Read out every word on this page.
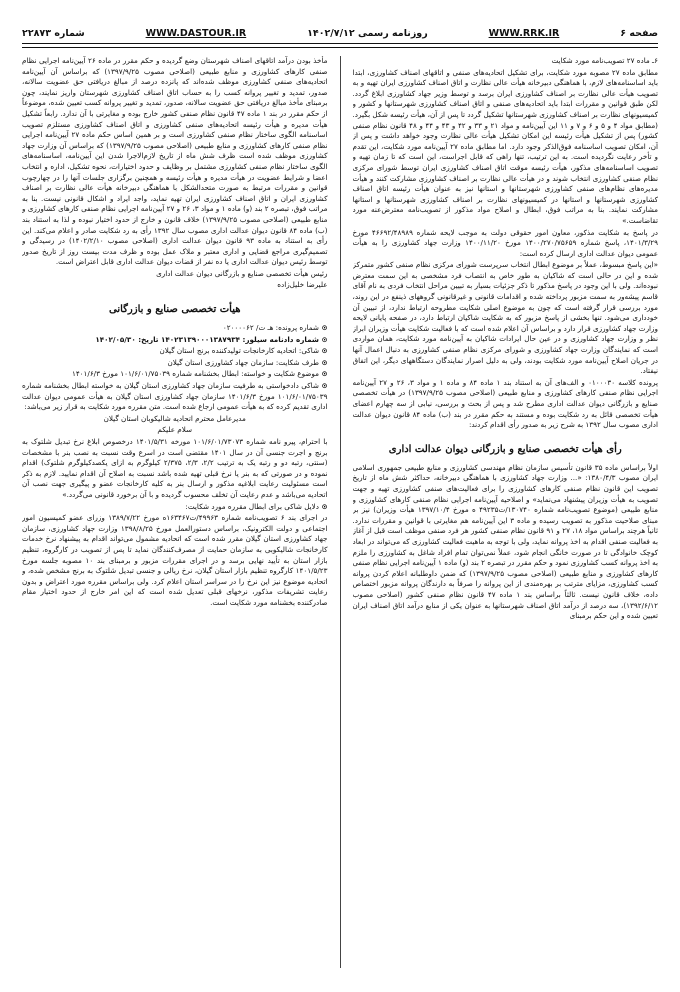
صفحه ۶
WWW.RRK.IR
روزنامه رسمی ۱۴۰۲/۷/۱۲
WWW.DASTOUR.IR
شماره ۲۲۸۷۳

۶ـ ماده ۲۷ تصویب‌نامه مورد شکایت

مطابق ماده ۲۷ مصوبه مورد شکایت، برای تشکیل اتحادیه‌های صنفی و اتاقهای اصناف کشاورزی، ابتدا باید اساسنامه‌های لازم، با هماهنگی دبیرخانه هیأت عالی نظارت و اتاق اصناف کشاورزی ایران تهیه و به تصویب هیأت عالی نظارت بر اصناف کشاورزی ایران برسد و توسط وزیر جهاد کشاورزی ابلاغ گردد. لکن طبق قوانین و مقررات ابتدا باید اتحادیه‌های صنفی و اتاق اصناف کشاورزی شهرستانها و کشور و کمیسیونهای نظارت بر اصناف کشاورزی شهرستانها تشکیل گردد تا پس از آن، هیأت رئیسه شکل بگیرد. (مطابق مواد ۴ و ۵ و ۶ و ۷ و ۱۱ این آیین‌نامه و مواد ۲۱ و ۳۳ و ۴۲ و ۴۳ و ۴۴ و ۴۸ قانون نظام صنفی کشور) پس از تشکیل هیأت رئیسه این امکان تشکیل هیأت عالی نظارت وجود خواهد داشت و پس از آن، امکان تصویب اساسنامه فوق‌الذکر وجود دارد. اما مطابق ماده ۲۷ آیین‌نامه مورد شکایت، این تقدم و تأخر رعایت نگردیده است. به این ترتیب، تنها راهی که قابل اجراست، این است که تا زمان تهیه و تصویب اساسنامه‌های مذکور، هیأت رئیسه موقت اتاق اصناف کشاورزی ایران توسط شورای مرکزی نظام صنفی کشاورزی انتخاب شوند و در هیأت عالی نظارت بر اصناف کشاورزی مشارکت کنند و هیأت مدیره‌های نظام‌های صنفی کشاورزی شهرستانها و استانها نیز به عنوان هیأت رئیسه اتاق اصناف کشاورزی شهرستانها و استانها در کمیسیونهای نظارت بر اصناف کشاورزی شهرستانها و استانها مشارکت نمایند. بنا به مراتب فوق، ابطال و اصلاح مواد مذکور از تصویب‌نامه معترض‌عنه مورد تقاضاست.»

در پاسخ به شکایت مذکور، معاون امور حقوقی دولت به موجب لایحه شماره ۴۶۶۹۲/۴۸۹۸۹ مورخ ۱۴۰۱/۳/۲۹، پاسخ شماره ۱۴۰۰/۲۷۰/۷۵۶۵۹ مورخ ۱۴۰۰/۱۱/۲۰ وزارت جهاد کشاورزی را به هیأت عمومی دیوان عدالت اداری ارسال کرده است:

«این پاسخ مبسوط، عملاً بر موضوع ابطال انتخاب سرپرست شورای مرکزی نظام صنفی کشور متمرکز شده و این در حالی است که شاکیان به طور خاص به انتصاب فرد مشخصی به این سمت معترض نبوده‌اند. ولی با این وجود در پاسخ مذکور تا ذکر جزئیات بسیار به تبیین مراحل انتخاب فردی به نام آقای قاسم پیشه‌ور به سمت مزبور پرداخته شده و اقدامات قانونی و غیرقانونی گروههای ذینفع در این روند، مورد بررسی قرار گرفته است که چون به موضوع اصلی شکایت مطروحه ارتباط ندارد، از تبیین آن خودداری می‌شود. تنها بخشی از پاسخ مزبور که به شکایت شاکیان ارتباط دارد، در صفحه پایانی لایحه وزارت جهاد کشاورزی قرار دارد و براساس آن اعلام شده است که با فعالیت شکایت هیأت وزیران ابراز نظر و وزارت جهاد کشاورزی و در عین حال ایرادات شاکیان به آیین‌نامه مورد شکایت، همان مواردی است که نمایندگان وزارت جهاد کشاورزی و شورای مرکزی نظام صنفی کشاورزی به دنبال اعمال آنها در جریان اصلاح آیین‌نامه مورد شکایت بودند، ولی به دلیل اصرار نمایندگان دستگاههای دیگر، این اتفاق نیفتاد.

پرونده کلاسه ۰۱۰۰۰۳۰ و الف‌های آن به استناد بند ۱ ماده ۸۴ و ماده ۱ و مواد ۳، ۲۶ و ۲۷ آیین‌نامه اجرایی نظام صنفی کارهای کشاورزی و منابع طبیعی (اصلاحی مصوب ۱۳۹۷/۹/۲۵) در هیأت تخصصی صنایع و بازرگانی دیوان عدالت اداری مطرح شد و پس از بحث و بررسی، نیابی از سه چهارم اعضای هیأت تخصصی قائل به رد شکایت بوده و مستند به حکم مقرر در بند (ب) ماده ۸۴ قانون دیوان عدالت اداری مصوب سال ۱۳۹۲ به شرح زیر به صدور رأی اقدام کردند:

رأی هیأت تخصصی صنایع و بازرگانی دیوان عدالت اداری

اولاً براساس ماده ۳۵ قانون تأسیس سازمان نظام مهندسی کشاورزی و منابع طبیعی جمهوری اسلامی ایران مصوب ۱۳۸۰/۴/۳: «... وزارت جهاد کشاورزی با هماهنگی دبیرخانه، حداکثر شش ماه از تاریخ تصویب این قانون نظام صنفی کارهای کشاورزی را برای فعالیت‌های صنفی کشاورزی تهیه و جهت تصویب به هیأت وزیران پیشنهاد می‌نماید» و اصلاحیه آیین‌نامه اجرایی نظام صنفی کارهای کشاورزی و منابع طبیعی (موضوع تصویب‌نامه شماره ۱۳۰۷۴۰/ت۴۹۲۳۵ ه مورخ ۱۳۹۷/۱۰/۴ هیأت وزیران) نیز بر مبنای صلاحیت مذکور به تصویب رسیده و ماده ۳ این آیین‌نامه هم مغایرتی با قوانین و مقررات ندارد. ثانیاً هرچند براساس مواد ۱۸، ۲۷ و ۹۱ قانون نظام صنفی کشور هر فرد صنفی موظف است قبل از آغاز به فعالیت صنفی اقدام به اخذ پروانه نماید، ولی با توجه به ماهیت فعالیت کشاورزی که می‌تواند در ابعاد کوچک خانوادگی تا در صورت خانگی انجام شود، عملاً نمی‌توان تمام افراد شاغل به کشاورزی را ملزم به اخذ پروانه کسب کشاورزی نمود و حکم مقرر در تبصره ۲ بند (و) ماده ۱ آیین‌نامه اجرایی نظام صنفی کارهای کشاورزی و منابع طبیعی (اصلاحی مصوب ۱۳۹۷/۹/۲۵) که ضمن داوطلبانه اعلام کردن پروانه کسب کشاورزی، مزایای مترتب بر بهره‌مندی از این پروانه را صرفاً به دارندگان پروانه مزبور اختصاص داده، خلاف قانون نیست. ثالثاً براساس بند ۱ ماده ۴۷ قانون نظام صنفی کشور (اصلاحی مصوب ۱۳۹۲/۶/۱۲)، سه درصد از درآمد اتاق اصناف شهرستانها به عنوان یکی از منابع درآمد اتاق اصناف ایران تعیین شده و این حکم برمبنای

مأخذ بودن درآمد اتاقهای اصناف شهرستان وضع گردیده و حکم مقرر در ماده ۲۶ آیین‌نامه اجرایی نظام صنفی کارهای کشاورزی و منابع طبیعی (اصلاحی مصوب ۱۳۹۷/۹/۲۵) که براساس آن آیین‌نامه اتحادیه‌های صنفی کشاورزی موظف شده‌اند که پانزده درصد از مبالغ دریافتی حق عضویت سالانه، صدور، تمدید و تغییر پروانه کسب را به حساب اتاق اصناف کشاورزی شهرستان واریز نمایند، چون برمبنای مأخذ مبالغ دریافتی حق عضویت سالانه، صدور، تمدید و تغییر پروانه کسب تعیین شده، موضوعاً از حکم مقرر در بند ۱ ماده ۴۷ قانون نظام صنفی کشور خارج بوده و مغایرتی با آن ندارد. رابعاً تشکیل هیأت مدیره و هیأت رئیسه اتحادیه‌های صنفی کشاورزی و اتاق اصناف کشاورزی مستلزم تصویب اساسنامه الگوی ساختار نظام صنفی کشاورزی است و بر همین اساس حکم ماده ۲۷ آیین‌نامه اجرایی نظام صنفی کارهای کشاورزی و منابع طبیعی (اصلاحی مصوب ۱۳۹۷/۹/۲۵) که براساس آن وزارت جهاد کشاورزی موظف شده است ظرف شش ماه از تاریخ لازم‌الاجرا شدن این آیین‌نامه، اساسنامه‌های الگوی ساختار نظام صنفی کشاورزی مشتمل بر وظایف و حدود اختیارات، نحوه تشکیل، اداره و انتخاب اعضا و شرایط عضویت در هیأت مدیره و هیأت رئیسه و همچنین برگزاری جلسات آنها را در چهارچوب قوانین و مقررات مرتبط به صورت متحدالشکل با هماهنگی دبیرخانه هیأت عالی نظارت بر اصناف کشاورزی ایران و اتاق اصناف کشاورزی ایران تهیه نماید، واجد ایراد و اشکال قانونی نیست. بنا به مراتب فوق، تبصره ۲ بند (و) ماده ۱ و مواد ۳، ۲۶ و ۲۷ آیین‌نامه اجرایی نظام صنفی کارهای کشاورزی و منابع طبیعی (اصلاحی مصوب ۱۳۹۷/۹/۲۵) خلاف قانون و خارج از حدود اختیار نبوده و لذا به استناد بند (ب) ماده ۸۴ قانون دیوان عدالت اداری مصوب سال ۱۳۹۲ رأی به رد شکایت صادر و اعلام می‌کند. این رأی به استناد به ماده ۹۳ قانون دیوان عدالت اداری (اصلاحی مصوب ۱۴۰۲/۲/۱۰) در رسیدگی و تصمیم‌گیری مراجع قضایی و اداری معتبر و ملاک عمل بوده و ظرف مدت بیست روز از تاریخ صدور توسط رئیس دیوان عدالت اداری یا ده نفر از قضات دیوان عدالت اداری قابل اعتراض است.

رئیس هیأت تخصصی صنایع و بازرگانی دیوان عدالت اداری

علیرضا خلیل‌زاده

هیأت تخصصی صنایع و بازرگانی

⊙ شماره پرونده: هـ ت/ ۰۲۰۰۰۰۶۲

⊙ شماره دادنامه سیلور: ۱۴۰۲۳۱۳۹۰۰۰۱۳۸۷۹۳۴ تاریخ: ۱۴۰۲/۰۵/۳۰

⊙ شاکی: اتحادیه کارخانجات تولیدکننده برنج استان گیلان

⊙ طرف شکایت: سازمان جهاد کشاورزی استان گیلان

⊙ موضوع شکایت و خواسته: ابطال بخشنامه شماره ۱۰۱/۶/۰۱/۷۵۰۳۹ مورخ ۱۴۰۱/۶/۳

⊙ شاکی دادخواستی به طرفیت سازمان جهاد کشاورزی استان گیلان به خواسته ابطال بخشنامه شماره ۱۰۱/۶/۰۱/۷۵۰۳۹ مورخ ۱۴۰۱/۶/۳ سازمان جهاد کشاورزی استان گیلان به هیأت عمومی دیوان عدالت اداری تقدیم کرده که به هیأت عمومی ارجاع شده است. متن مقرره مورد شکایت به قرار زیر می‌باشد:

مدیرعامل محترم اتحادیه شالیکوبان استان گیلان

سلام علیکم

با احترام، پیرو نامه شماره ۱۰۱/۶/۰۱/۷۳۰۷۳ مورخه ۱۴۰۱/۵/۳۱ درخصوص ابلاغ نرخ تبدیل شلتوک به برنج و اجرت جنسی آن در سال ۱۴۰۱ مقتضی است در اسرع وقت نسبت به نصب بنر با مشخصات (سنتی، رتبه دو و رتبه یک به ترتیب ۲/۲، ۲/۳، ۲/۳۷۵ کیلوگرم به ازای یکصدکیلوگرم شلتوک) اقدام نموده و در صورتی که به بنر یا نرخ قبلی تهیه شده باشد نسبت به اصلاح آن اقدام نمایید. لازم به ذکر است مسئولیت رعایت ابلاغیه مذکور و ارسال بنر به کلیه کارخانجات عضو و پیگیری جهت نصب آن اتحادیه می‌باشد و عدم رعایت آن تخلف محسوب گردیده و با آن برخورد قانونی می‌گردد.»

⊙ دلایل شاکی برای ابطال مقرره مورد شکایت:

در اجرای بند ۶ تصویب‌نامه شماره ۴۹۹۶۳/ت۱۶۳۴۶۷ه مورخ ۱۳۸۹/۷/۲۲ وزرای عضو کمیسیون امور اجتماعی و دولت الکترونیک، براساس دستورالعمل مورخ ۱۳۹۸/۸/۲۵ وزارت جهاد کشاورزی، سازمان جهاد کشاورزی استان گیلان مقرر شده است که اتحادیه مشمول می‌تواند اقدام به پیشنهاد نرخ خدمات کارخانجات شالیکوبی به سازمان حمایت از مصرف‌کنندگان نماید تا پس از تصویب در کارگروه، تنظیم بازار استان به تأیید نهایی برسد و در اجرای مقررات مزبور و برمبنای بند ۱۰ مصوبه جلسه مورخ ۱۴۰۱/۵/۲۳ کارگروه تنظیم بازار استان گیلان، نرخ ریالی و جنسی تبدیل شلتوک به برنج مشخص شده، و اتحادیه موضوع نیز این نرخ را در سراسر استان اعلام کرد. ولی براساس مقرره مورد اعتراض و بدون رعایت تشریفات مذکور، نرخهای قبلی تعدیل شده است که این امر خارج از حدود اختیار مقام صادرکننده بخشنامه مورد شکایت است.
